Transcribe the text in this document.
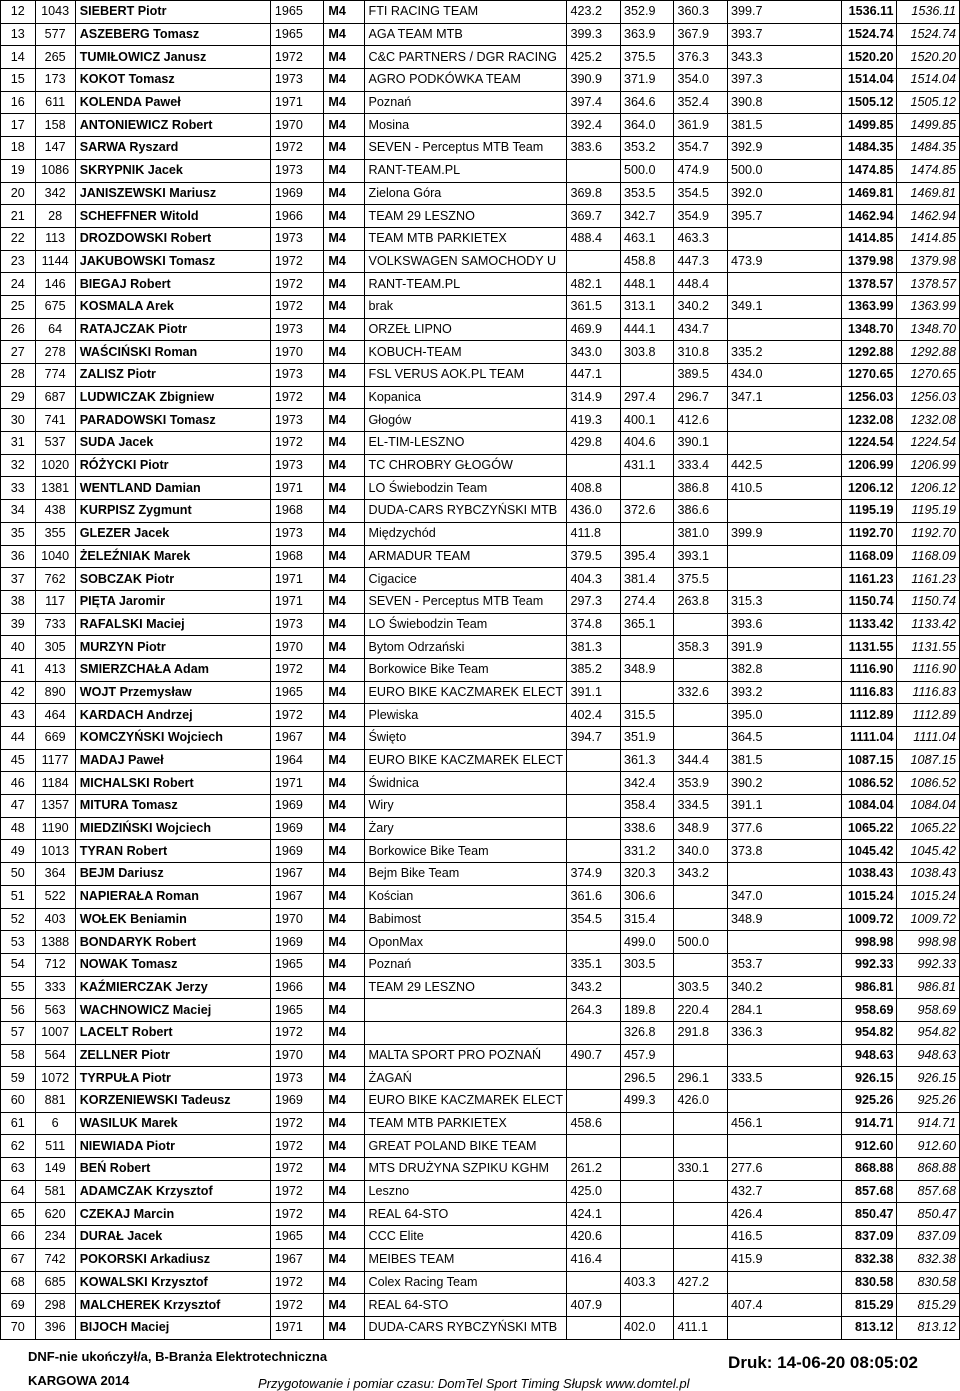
12	1043	SIEBERT Piotr	1965	M4	FTI RACING TEAM	423.2	352.9	360.3	399.7	1536.11	1536.11
13	577	ASZEBERG Tomasz	1965	M4	AGA TEAM MTB	399.3	363.9	367.9	393.7	1524.74	1524.74
14	265	TUMIŁOWICZ Janusz	1972	M4	C&C PARTNERS / DGR RACING	425.2	375.5	376.3	343.3	1520.20	1520.20
15	173	KOKOT Tomasz	1973	M4	AGRO PODKÓWKA TEAM	390.9	371.9	354.0	397.3	1514.04	1514.04
16	611	KOLENDA Paweł	1971	M4	Poznań	397.4	364.6	352.4	390.8	1505.12	1505.12
17	158	ANTONIEWICZ Robert	1970	M4	Mosina	392.4	364.0	361.9	381.5	1499.85	1499.85
18	147	SARWA Ryszard	1972	M4	SEVEN - Perceptus MTB Team	383.6	353.2	354.7	392.9	1484.35	1484.35
19	1086	SKRYPNIK Jacek	1973	M4	RANT-TEAM.PL		500.0	474.9	500.0	1474.85	1474.85
20	342	JANISZEWSKI Mariusz	1969	M4	Zielona Góra	369.8	353.5	354.5	392.0	1469.81	1469.81
21	28	SCHEFFNER Witold	1966	M4	TEAM 29 LESZNO	369.7	342.7	354.9	395.7	1462.94	1462.94
22	113	DROZDOWSKI Robert	1973	M4	TEAM MTB PARKIETEX	488.4	463.1	463.3		1414.85	1414.85
23	1144	JAKUBOWSKI Tomasz	1972	M4	VOLKSWAGEN SAMOCHODY U		458.8	447.3	473.9	1379.98	1379.98
24	146	BIEGAJ Robert	1972	M4	RANT-TEAM.PL	482.1	448.1	448.4		1378.57	1378.57
25	675	KOSMALA Arek	1972	M4	brak	361.5	313.1	340.2	349.1	1363.99	1363.99
26	64	RATAJCZAK Piotr	1973	M4	ORZEŁ LIPNO	469.9	444.1	434.7		1348.70	1348.70
27	278	WAŚCIŃSKI Roman	1970	M4	KOBUCH-TEAM	343.0	303.8	310.8	335.2	1292.88	1292.88
28	774	ZALISZ Piotr	1973	M4	FSL VERUS AOK.PL TEAM	447.1		389.5	434.0	1270.65	1270.65
29	687	LUDWICZAK Zbigniew	1972	M4	Kopanica	314.9	297.4	296.7	347.1	1256.03	1256.03
30	741	PARADOWSKI Tomasz	1973	M4	Głogów	419.3	400.1	412.6		1232.08	1232.08
31	537	SUDA Jacek	1972	M4	EL-TIM-LESZNO	429.8	404.6	390.1		1224.54	1224.54
32	1020	RÓŻYCKI Piotr	1973	M4	TC CHROBRY GŁOGÓW		431.1	333.4	442.5	1206.99	1206.99
33	1381	WENTLAND Damian	1971	M4	LO Świebodzin Team	408.8		386.8	410.5	1206.12	1206.12
34	438	KURPISZ Zygmunt	1968	M4	DUDA-CARS RYBCZYŃSKI MTB	436.0	372.6	386.6		1195.19	1195.19
35	355	GLEZER Jacek	1973	M4	Międzychód	411.8		381.0	399.9	1192.70	1192.70
36	1040	ŻELEŹNIAK Marek	1968	M4	ARMADUR TEAM	379.5	395.4	393.1		1168.09	1168.09
37	762	SOBCZAK Piotr	1971	M4	Cigacice	404.3	381.4	375.5		1161.23	1161.23
38	117	PIĘTA Jaromir	1971	M4	SEVEN - Perceptus MTB Team	297.3	274.4	263.8	315.3	1150.74	1150.74
39	733	RAFALSKI Maciej	1973	M4	LO Świebodzin Team	374.8	365.1		393.6	1133.42	1133.42
40	305	MURZYN Piotr	1970	M4	Bytom Odrzański	381.3		358.3	391.9	1131.55	1131.55
41	413	SMIERZCHAŁA Adam	1972	M4	Borkowice Bike Team	385.2	348.9		382.8	1116.90	1116.90
42	890	WOJT Przemysław	1965	M4	EURO BIKE KACZMAREK ELECT	391.1		332.6	393.2	1116.83	1116.83
43	464	KARDACH Andrzej	1972	M4	Plewiska	402.4	315.5		395.0	1112.89	1112.89
44	669	KOMCZYŃSKI Wojciech	1967	M4	Święto	394.7	351.9		364.5	1111.04	1111.04
45	1177	MADAJ Paweł	1964	M4	EURO BIKE KACZMAREK ELECT		361.3	344.4	381.5	1087.15	1087.15
46	1184	MICHALSKI Robert	1971	M4	Świdnica		342.4	353.9	390.2	1086.52	1086.52
47	1357	MITURA Tomasz	1969	M4	Wiry		358.4	334.5	391.1	1084.04	1084.04
48	1190	MIEDZIŃSKI Wojciech	1969	M4	Żary		338.6	348.9	377.6	1065.22	1065.22
49	1013	TYRAN Robert	1969	M4	Borkowice Bike Team		331.2	340.0	373.8	1045.42	1045.42
50	364	BEJM Dariusz	1967	M4	Bejm Bike Team	374.9	320.3	343.2		1038.43	1038.43
51	522	NAPIERAŁA Roman	1967	M4	Kościan	361.6	306.6		347.0	1015.24	1015.24
52	403	WOŁEK Beniamin	1970	M4	Babimost	354.5	315.4		348.9	1009.72	1009.72
53	1388	BONDARYK Robert	1969	M4	OponMax		499.0	500.0		998.98	998.98
54	712	NOWAK Tomasz	1965	M4	Poznań	335.1	303.5		353.7	992.33	992.33
55	333	KAŹMIERCZAK Jerzy	1966	M4	TEAM 29 LESZNO	343.2		303.5	340.2	986.81	986.81
56	563	WACHNOWICZ Maciej	1965	M4		264.3	189.8	220.4	284.1	958.69	958.69
57	1007	LACELT Robert	1972	M4			326.8	291.8	336.3	954.82	954.82
58	564	ZELLNER Piotr	1970	M4	MALTA SPORT PRO POZNAŃ	490.7	457.9			948.63	948.63
59	1072	TYRPUŁA Piotr	1973	M4	ŻAGAŃ		296.5	296.1	333.5	926.15	926.15
60	881	KORZENIEWSKI Tadeusz	1969	M4	EURO BIKE KACZMAREK ELECT		499.3	426.0		925.26	925.26
61	6	WASILUK Marek	1972	M4	TEAM MTB PARKIETEX	458.6			456.1	914.71	914.71
62	511	NIEWIADA Piotr	1972	M4	GREAT POLAND BIKE TEAM					912.60	912.60
63	149	BEŃ Robert	1972	M4	MTS DRUŻYNA SZPIKU KGHM	261.2		330.1	277.6	868.88	868.88
64	581	ADAMCZAK Krzysztof	1972	M4	Leszno	425.0			432.7	857.68	857.68
65	620	CZEKAJ Marcin	1972	M4	REAL 64-STO	424.1			426.4	850.47	850.47
66	234	DURAŁ Jacek	1965	M4	CCC Elite	420.6			416.5	837.09	837.09
67	742	POKORSKI Arkadiusz	1967	M4	MEIBES TEAM	416.4			415.9	832.38	832.38
68	685	KOWALSKI Krzysztof	1972	M4	Colex Racing Team		403.3	427.2		830.58	830.58
69	298	MALCHEREK Krzysztof	1972	M4	REAL 64-STO	407.9			407.4	815.29	815.29
70	396	BIJOCH Maciej	1971	M4	DUDA-CARS RYBCZYŃSKI MTB		402.0	411.1		813.12	813.12
DNF-nie ukończył/a, B-Branża Elektrotechniczna
KARGOWA 2014	Przygotowanie i pomiar czasu: DomTel Sport Timing Słupsk www.domtel.pl
Druk: 14-06-20 08:05:02
